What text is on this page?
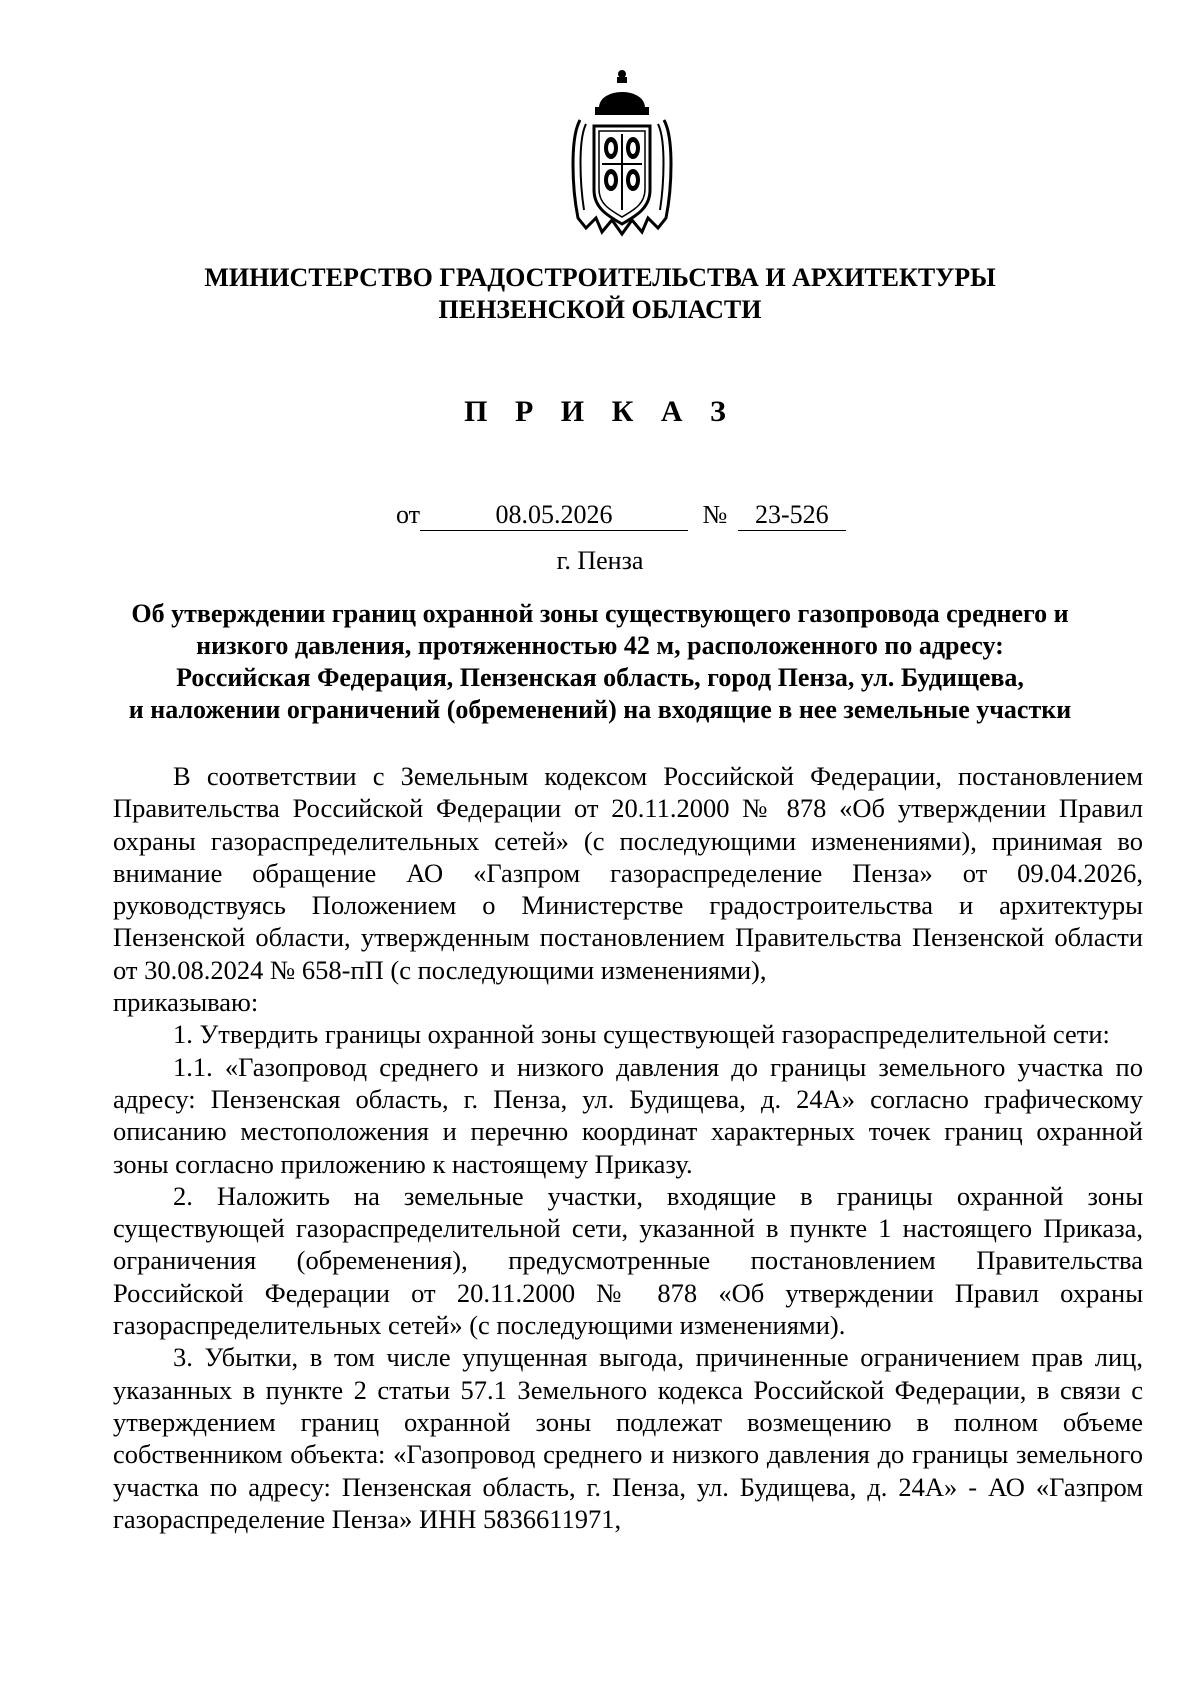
МИНИСТЕРСТВО ГРАДОСТРОИТЕЛЬСТВА И АРХИТЕКТУРЫ
ПЕНЗЕНСКОЙ ОБЛАСТИ
П Р И К А З
от	08.05.2026	№ 23-526
г. Пенза
Об утверждении границ охранной зоны существующего газопровода среднего и
низкого давления, протяженностью 42 м, расположенного по адресу:
Российская Федерация, Пензенская область, город Пенза, ул. Будищева,
и наложении ограничений (обременений) на входящие в нее земельные участки

В соответствии с Земельным кодексом Российской Федерации, постановлением Правительства Российской Федерации от 20.11.2000 № 878 «Об утверждении Правил охраны газораспределительных сетей» (с последующими изменениями), принимая во внимание обращение АО «Газпром газораспределение Пенза» от 09.04.2026, руководствуясь Положением о Министерстве градостроительства и архитектуры Пензенской области, утвержденным постановлением Правительства Пензенской области от 30.08.2024 № 658-пП (с последующими изменениями),

приказываю:

1. Утвердить границы охранной зоны существующей газораспределительной сети:

1.1. «Газопровод среднего и низкого давления до границы земельного участка по адресу: Пензенская область, г. Пенза, ул. Будищева, д. 24А» согласно графическому описанию местоположения и перечню координат характерных точек границ охранной зоны согласно приложению к настоящему Приказу.

2. Наложить на земельные участки, входящие в границы охранной зоны существующей газораспределительной сети, указанной в пункте 1 настоящего Приказа, ограничения (обременения), предусмотренные постановлением Правительства Российской Федерации от 20.11.2000 № 878 «Об утверждении Правил охраны газораспределительных сетей» (с последующими изменениями).

3. Убытки, в том числе упущенная выгода, причиненные ограничением прав лиц, указанных в пункте 2 статьи 57.1 Земельного кодекса Российской Федерации, в связи с утверждением границ охранной зоны подлежат возмещению в полном объеме собственником объекта: «Газопровод среднего и низкого давления до границы земельного участка по адресу: Пензенская область, г. Пенза, ул. Будищева, д. 24А» - АО «Газпром газораспределение Пенза» ИНН 5836611971,
